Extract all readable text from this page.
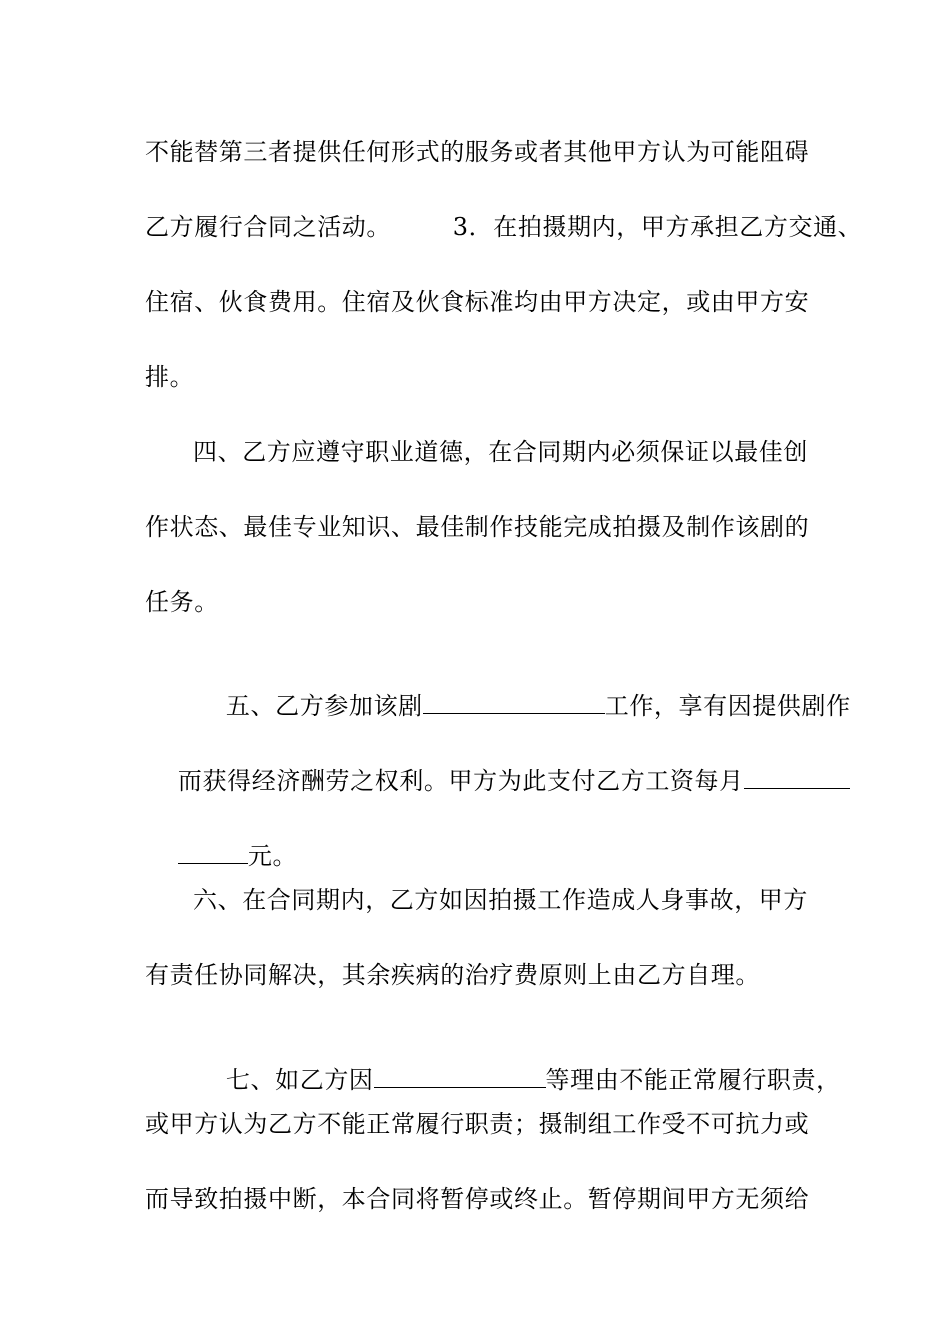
不能替第三者提供任何形式的服务或者其他甲方认为可能阻碍
乙方履行合同之活动。　　　3．在拍摄期内，甲方承担乙方交通、
住宿、伙食费用。住宿及伙食标准均由甲方决定，或由甲方安
排。
四、乙方应遵守职业道德，在合同期内必须保证以最佳创
作状态、最佳专业知识、最佳制作技能完成拍摄及制作该剧的
任务。

五、乙方参加该剧	工作，享有因提供剧作

而获得经济酬劳之权利。甲方为此支付乙方工资每月

元。

六、在合同期内，乙方如因拍摄工作造成人身事故，甲方
有责任协同解决，其余疾病的治疗费原则上由乙方自理。

七、如乙方因	等理由不能正常履行职责，

或甲方认为乙方不能正常履行职责；摄制组工作受不可抗力或
而导致拍摄中断，本合同将暂停或终止。暂停期间甲方无须给
